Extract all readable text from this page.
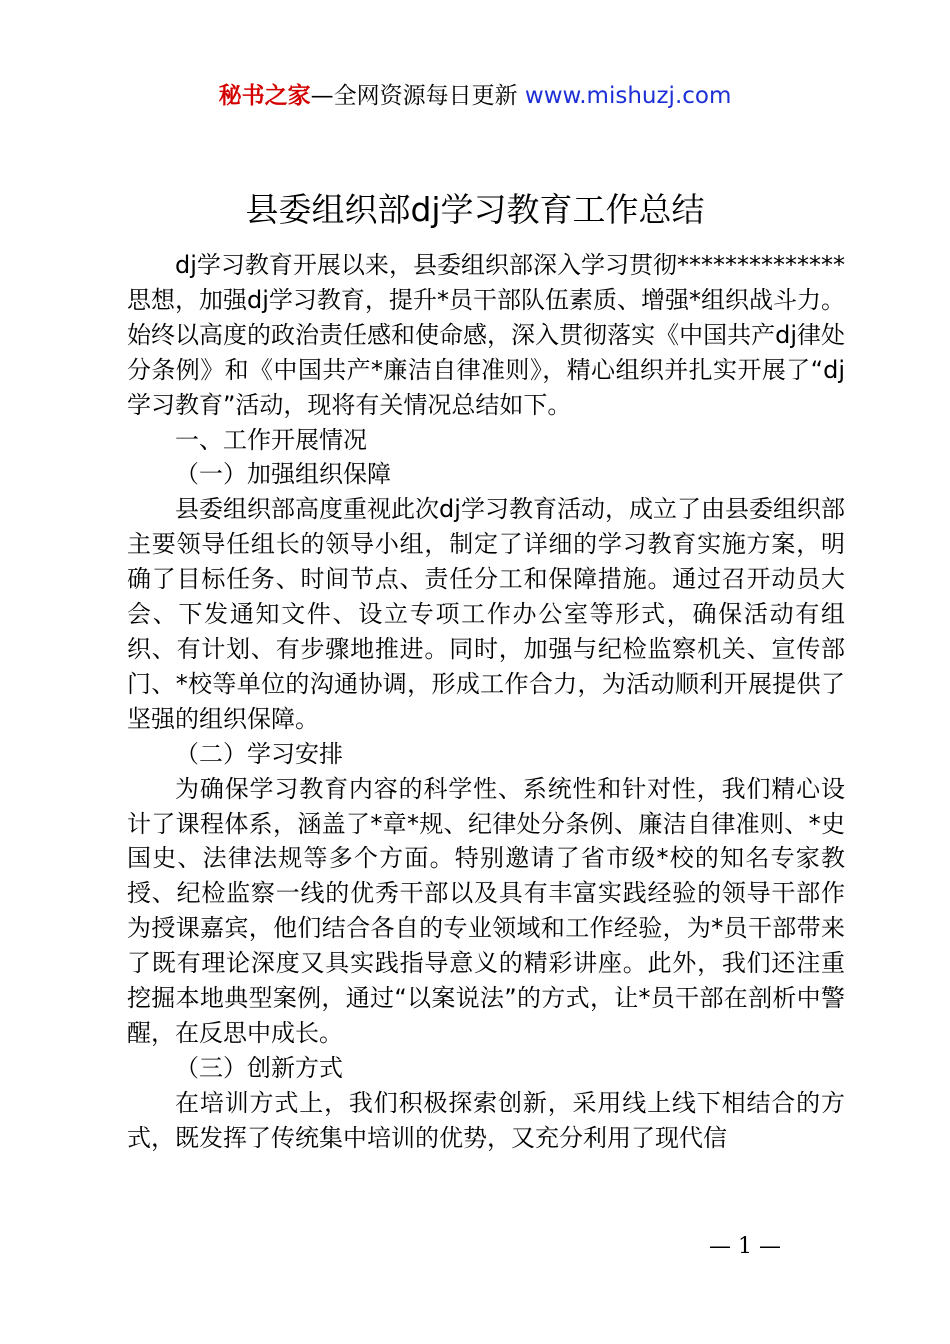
秘书之家—全网资源每日更新 www.mishuzj.com
县委组织部dj学习教育工作总结

dj学习教育开展以来，县委组织部深入学习贯彻**************思想，加强dj学习教育，提升*员干部队伍素质、增强*组织战斗力。始终以高度的政治责任感和使命感，深入贯彻落实《中国共产dj律处分条例》和《中国共产*廉洁自律准则》，精心组织并扎实开展了“dj学习教育”活动，现将有关情况总结如下。

一、工作开展情况
（一）加强组织保障

县委组织部高度重视此次dj学习教育活动，成立了由县委组织部主要领导任组长的领导小组，制定了详细的学习教育实施方案，明确了目标任务、时间节点、责任分工和保障措施。通过召开动员大会、下发通知文件、设立专项工作办公室等形式，确保活动有组织、有计划、有步骤地推进。同时，加强与纪检监察机关、宣传部门、*校等单位的沟通协调，形成工作合力，为活动顺利开展提供了坚强的组织保障。

（二）学习安排

为确保学习教育内容的科学性、系统性和针对性，我们精心设计了课程体系，涵盖了*章*规、纪律处分条例、廉洁自律准则、*史国史、法律法规等多个方面。特别邀请了省市级*校的知名专家教授、纪检监察一线的优秀干部以及具有丰富实践经验的领导干部作为授课嘉宾，他们结合各自的专业领域和工作经验，为*员干部带来了既有理论深度又具实践指导意义的精彩讲座。此外，我们还注重挖掘本地典型案例，通过“以案说法”的方式，让*员干部在剖析中警醒，在反思中成长。

（三）创新方式

在培训方式上，我们积极探索创新，采用线上线下相结合的方式，既发挥了传统集中培训的优势，又充分利用了现代信

— 1 —
